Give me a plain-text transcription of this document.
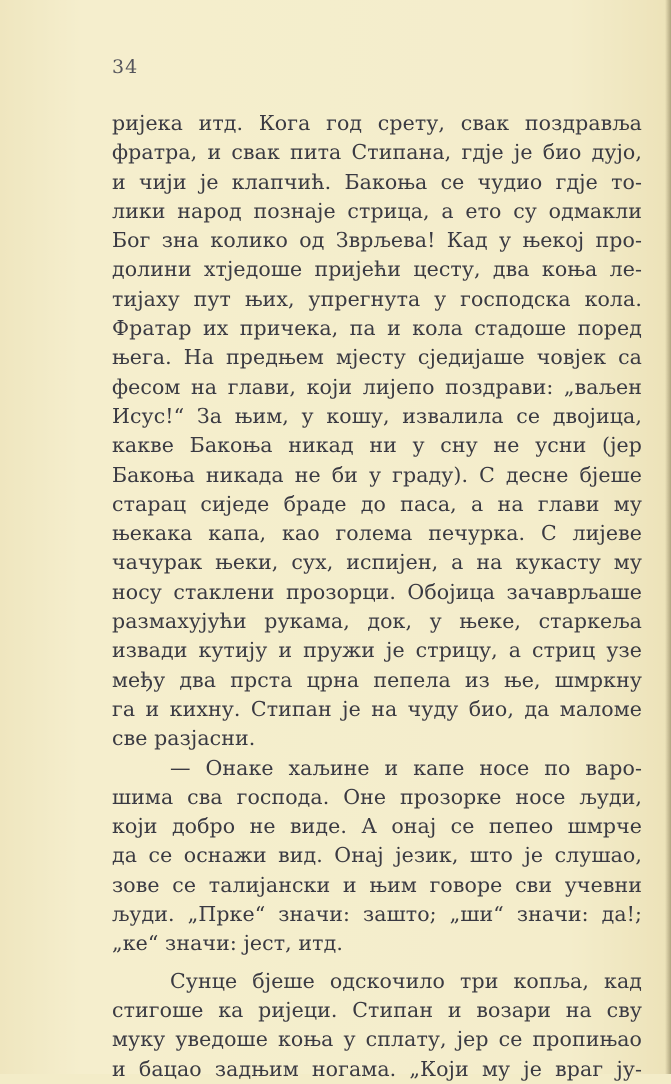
34
ријека итд. Кога год срету, свак поздравља
фратра, и свак пита Стипана, гдје је био дујо,
и чији је клапчић. Бакоња се чудио гдје то-
лики народ познаје стрица, а ето су одмакли
Бог зна колико од Зврљева! Кад у њекој про-
долини хтједоше пријећи цесту, два коња ле-
тијаху пут њих, упрегнута у господска кола.
Фратар их причека, па и кола стадоше поред
њега. На предњем мјесту сједијаше човјек са
фесом на глави, који лијепо поздрави: „ваљен
Исус!“ За њим, у кошу, извалила се двојица,
какве Бакоња никад ни у сну не усни (јер
Бакоња никада не би у граду). С десне бјеше
старац сиједе браде до паса, а на глави му
њекака капа, као голема печурка. С лијеве
чачурак њеки, сух, испијен, а на кукасту му
носу стаклени прозорци. Обојица зачаврљаше
размахујући рукама, док, у њеке, старкеља
извади кутију и пружи је стрицу, а стриц узе
међу два прста црна пепела из ње, шмркну
га и кихну. Стипан је на чуду био, да маломе
све разјасни.
— Онаке хаљине и капе носе по варо-
шима сва господа. Оне прозорке носе људи,
који добро не виде. А онај се пепео шмрче
да се оснажи вид. Онај језик, што је слушао,
зове се талијански и њим говоре сви учевни
људи. „Прке“ значи: зашто; „ши“ значи: да!;
„ке“ значи: јест, итд.
Сунце бјеше одскочило три копља, кад
стигоше ка ријеци. Стипан и возари на сву
муку уведоше коња у сплату, јер се пропињао
и бацао задњим ногама. „Који му је враг ју-
